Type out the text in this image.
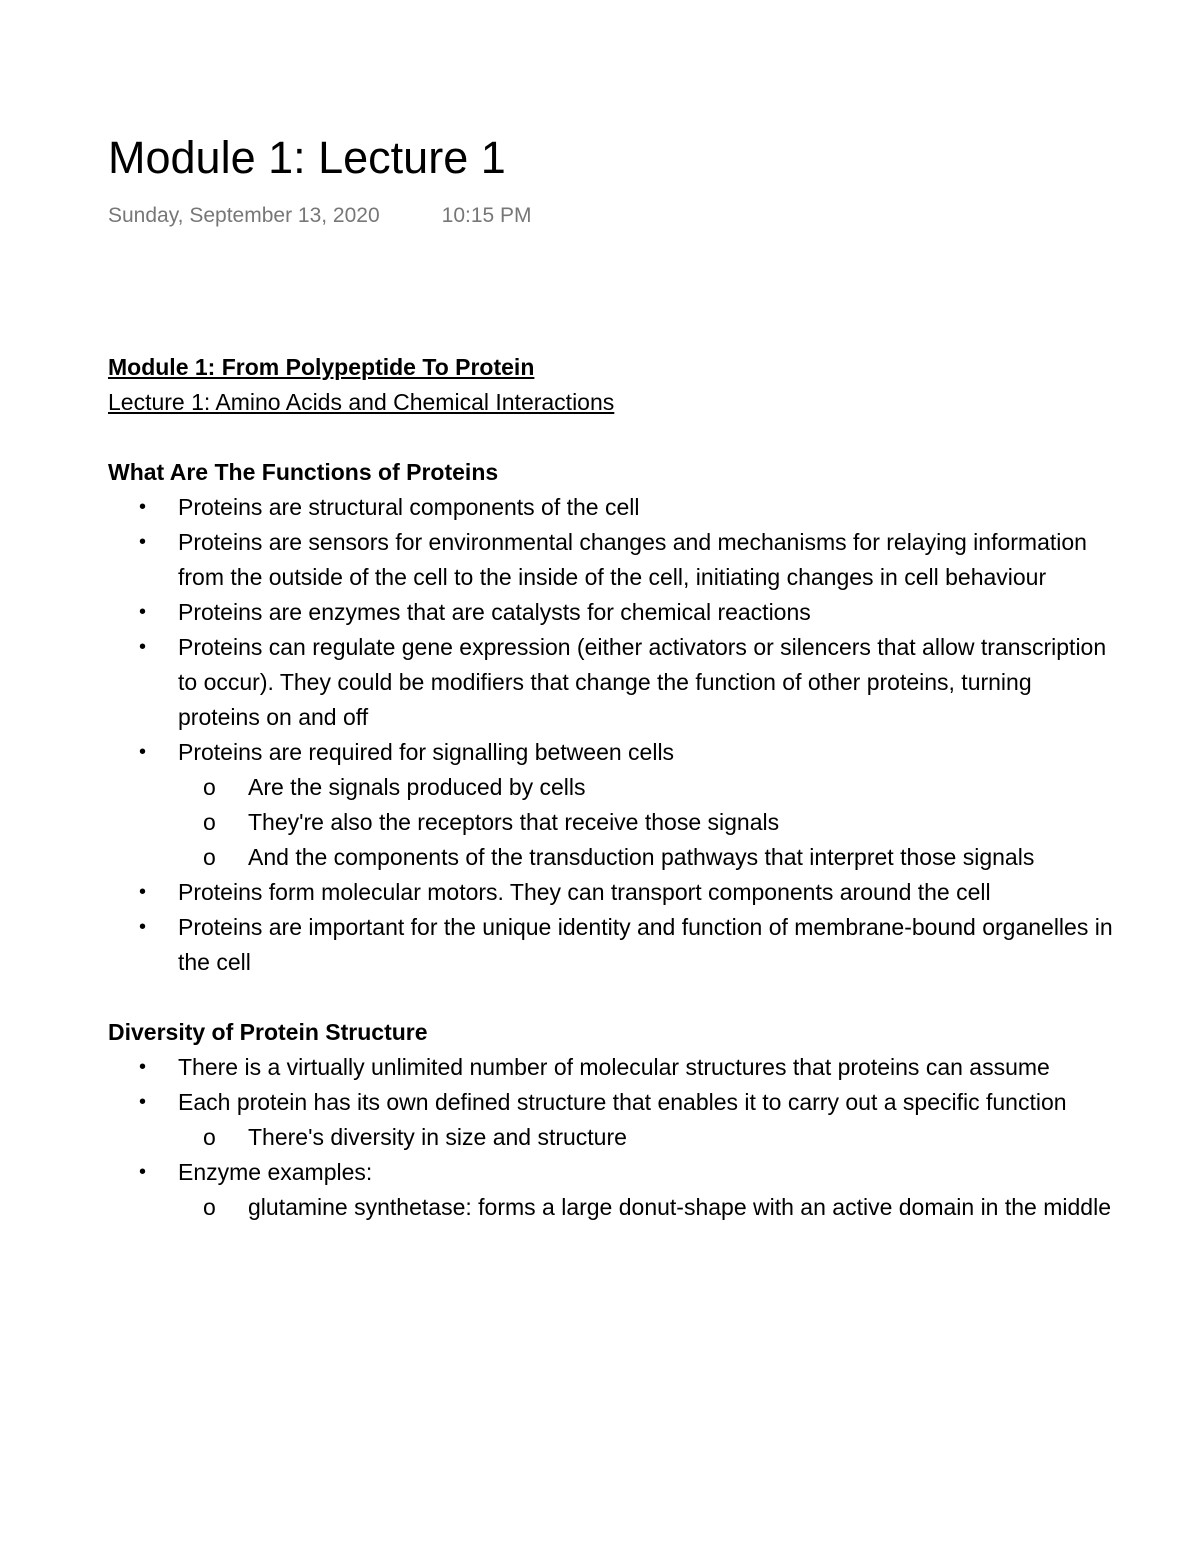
Module 1: Lecture 1
Sunday, September 13, 2020	10:15 PM
Module 1: From Polypeptide To Protein
Lecture 1: Amino Acids and Chemical Interactions
What Are The Functions of Proteins
• Proteins are structural components of the cell
• Proteins are sensors for environmental changes and mechanisms for relaying information from the outside of the cell to the inside of the cell, initiating changes in cell behaviour
• Proteins are enzymes that are catalysts for chemical reactions
• Proteins can regulate gene expression (either activators or silencers that allow transcription to occur). They could be modifiers that change the function of other proteins, turning proteins on and off
• Proteins are required for signalling between cells
o Are the signals produced by cells
o They're also the receptors that receive those signals
o And the components of the transduction pathways that interpret those signals
• Proteins form molecular motors. They can transport components around the cell
• Proteins are important for the unique identity and function of membrane-bound organelles in the cell
Diversity of Protein Structure
• There is a virtually unlimited number of molecular structures that proteins can assume
• Each protein has its own defined structure that enables it to carry out a specific function
o There's diversity in size and structure
• Enzyme examples:
o glutamine synthetase: forms a large donut-shape with an active domain in the middle
